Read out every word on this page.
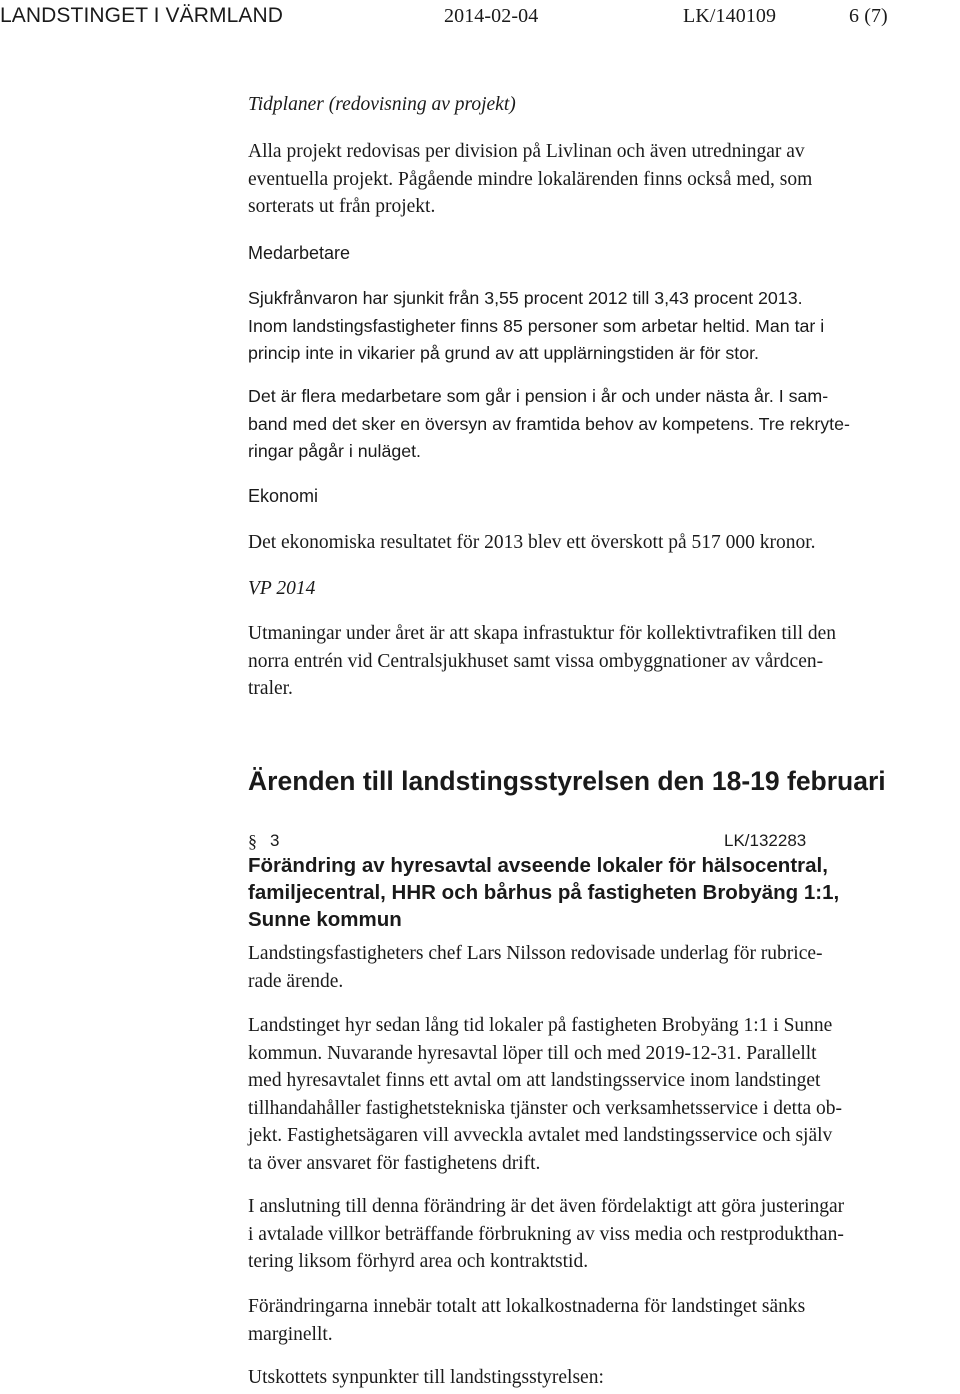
LANDSTINGET I VÄRMLAND	2014-02-04	LK/140109	6 (7)

Tidplaner (redovisning av projekt)

Alla projekt redovisas per division på Livlinan och även utredningar av
eventuella projekt. Pågående mindre lokalärenden finns också med, som
sorterats ut från projekt.

Medarbetare

Sjukfrånvaron har sjunkit från 3,55 procent 2012 till 3,43 procent 2013.
Inom landstingsfastigheter finns 85 personer som arbetar heltid. Man tar i
princip inte in vikarier på grund av att upplärningstiden är för stor.

Det är flera medarbetare som går i pension i år och under nästa år. I sam-
band med det sker en översyn av framtida behov av kompetens. Tre rekryte-
ringar pågår i nuläget.

Ekonomi

Det ekonomiska resultatet för 2013 blev ett överskott på 517 000 kronor.

VP 2014

Utmaningar under året är att skapa infrastuktur för kollektivtrafiken till den
norra entrén vid Centralsjukhuset samt vissa ombyggnationer av vårdcen-
traler.

Ärenden till landstingsstyrelsen den 18-19 februari

§ 3	LK/132283

Förändring av hyresavtal avseende lokaler för hälsocentral,
familjecentral, HHR och bårhus på fastigheten Brobyäng 1:1,
Sunne kommun

Landstingsfastigheters chef Lars Nilsson redovisade underlag för rubrice-
rade ärende.

Landstinget hyr sedan lång tid lokaler på fastigheten Brobyäng 1:1 i Sunne
kommun. Nuvarande hyresavtal löper till och med 2019-12-31. Parallellt
med hyresavtalet finns ett avtal om att landstingsservice inom landstinget
tillhandahåller fastighetstekniska tjänster och verksamhetsservice i detta ob-
jekt. Fastighetsägaren vill avveckla avtalet med landstingsservice och själv
ta över ansvaret för fastighetens drift.

I anslutning till denna förändring är det även fördelaktigt att göra justeringar
i avtalade villkor beträffande förbrukning av viss media och restprodukthan-
tering liksom förhyrd area och kontraktstid.

Förändringarna innebär totalt att lokalkostnaderna för landstinget sänks
marginellt.

Utskottets synpunkter till landstingsstyrelsen:
